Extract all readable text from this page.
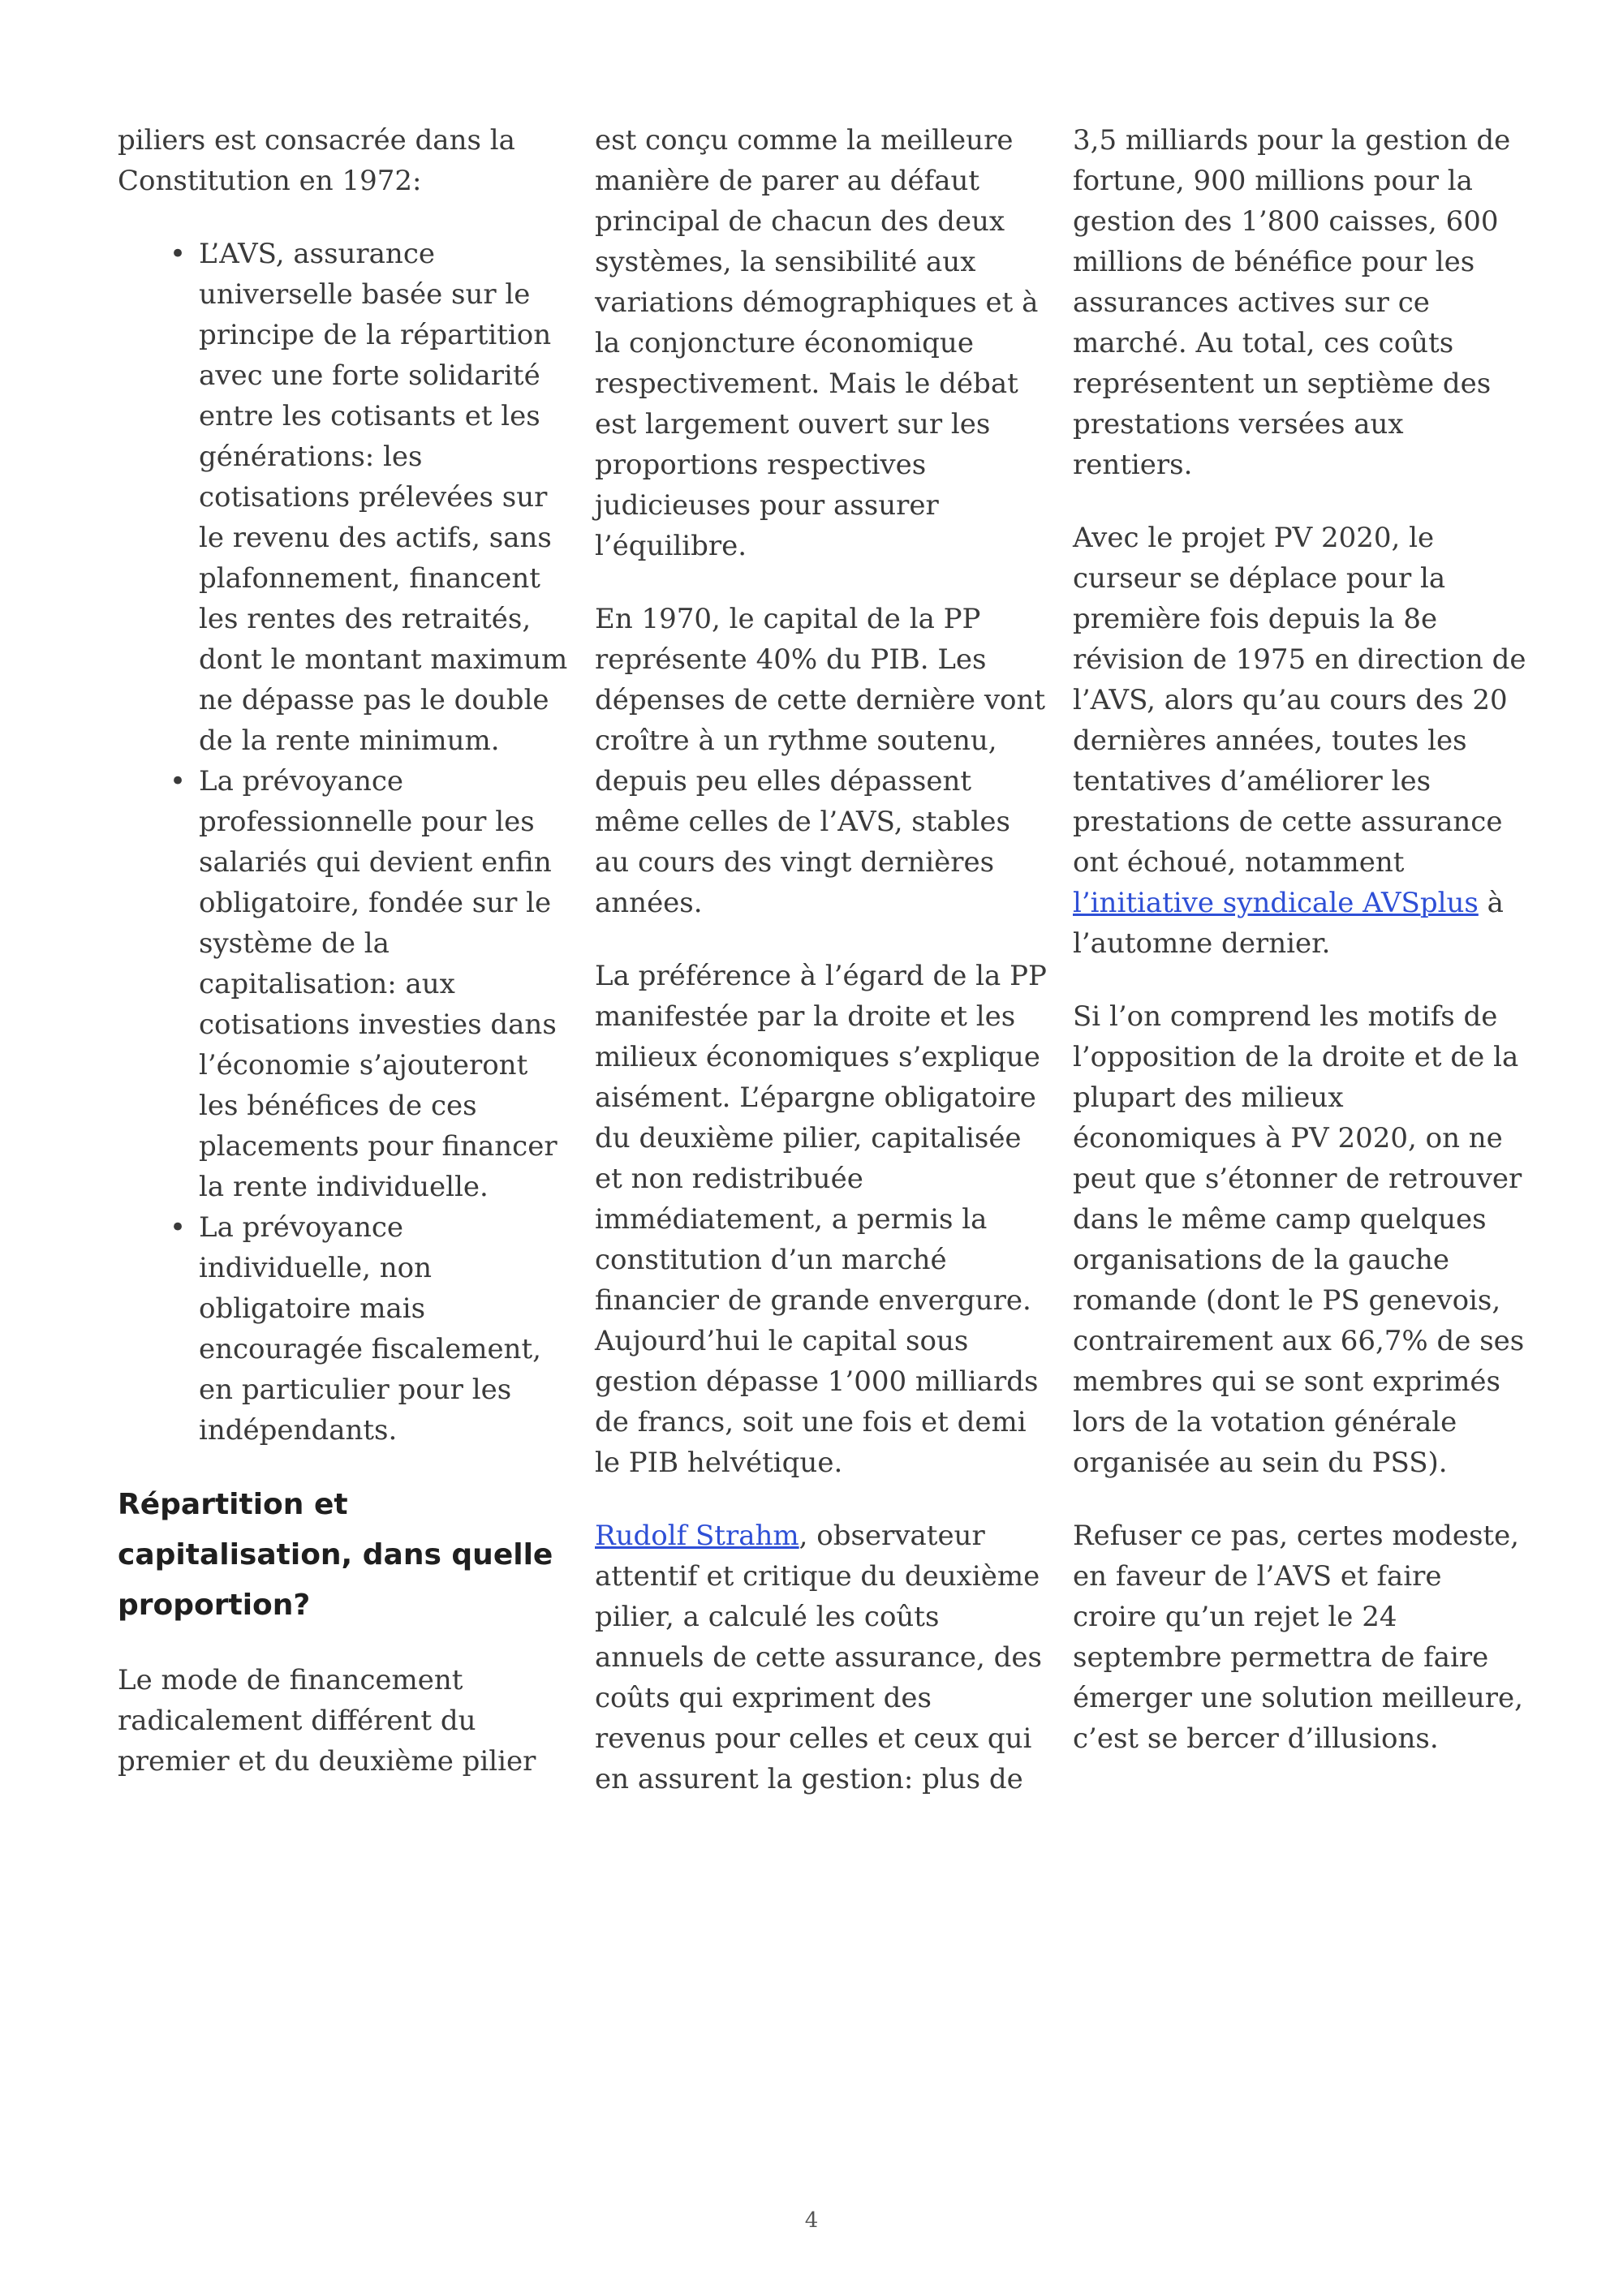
piliers est consacrée dans la Constitution en 1972:

• L’AVS, assurance universelle basée sur le principe de la répartition avec une forte solidarité entre les cotisants et les générations: les cotisations prélevées sur le revenu des actifs, sans plafonnement, financent les rentes des retraités, dont le montant maximum ne dépasse pas le double de la rente minimum.
• La prévoyance professionnelle pour les salariés qui devient enfin obligatoire, fondée sur le système de la capitalisation: aux cotisations investies dans l’économie s’ajouteront les bénéfices de ces placements pour financer la rente individuelle.
• La prévoyance individuelle, non obligatoire mais encouragée fiscalement, en particulier pour les indépendants.
Répartition et capitalisation, dans quelle proportion?

Le mode de financement radicalement différent du premier et du deuxième pilier

est conçu comme la meilleure manière de parer au défaut principal de chacun des deux systèmes, la sensibilité aux variations démographiques et à la conjoncture économique respectivement. Mais le débat est largement ouvert sur les proportions respectives judicieuses pour assurer l’équilibre.

En 1970, le capital de la PP représente 40% du PIB. Les dépenses de cette dernière vont croître à un rythme soutenu, depuis peu elles dépassent même celles de l’AVS, stables au cours des vingt dernières années.

La préférence à l’égard de la PP manifestée par la droite et les milieux économiques s’explique aisément. L’épargne obligatoire du deuxième pilier, capitalisée et non redistribuée immédiatement, a permis la constitution d’un marché financier de grande envergure. Aujourd’hui le capital sous gestion dépasse 1’000 milliards de francs, soit une fois et demi le PIB helvétique.

Rudolf Strahm, observateur attentif et critique du deuxième pilier, a calculé les coûts annuels de cette assurance, des coûts qui expriment des revenus pour celles et ceux qui en assurent la gestion: plus de

3,5 milliards pour la gestion de fortune, 900 millions pour la gestion des 1’800 caisses, 600 millions de bénéfice pour les assurances actives sur ce marché. Au total, ces coûts représentent un septième des prestations versées aux rentiers.

Avec le projet PV 2020, le curseur se déplace pour la première fois depuis la 8e révision de 1975 en direction de l’AVS, alors qu’au cours des 20 dernières années, toutes les tentatives d’améliorer les prestations de cette assurance ont échoué, notamment l’initiative syndicale AVSplus à l’automne dernier.

Si l’on comprend les motifs de l’opposition de la droite et de la plupart des milieux économiques à PV 2020, on ne peut que s’étonner de retrouver dans le même camp quelques organisations de la gauche romande (dont le PS genevois, contrairement aux 66,7% de ses membres qui se sont exprimés lors de la votation générale organisée au sein du PSS).

Refuser ce pas, certes modeste, en faveur de l’AVS et faire croire qu’un rejet le 24 septembre permettra de faire émerger une solution meilleure, c’est se bercer d’illusions.

4
